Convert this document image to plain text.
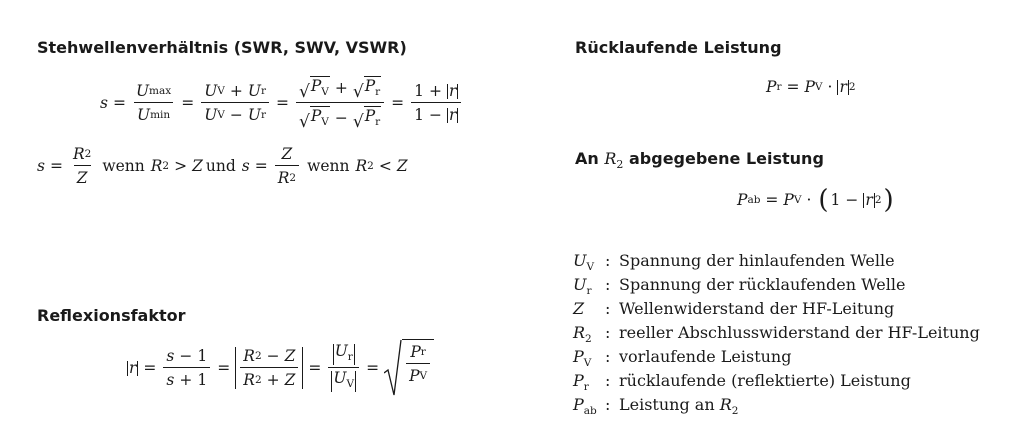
Stehwellenverhältnis (SWR, SWV, VSWR)
$s = \frac{\text{U max}}{\text{U min}} = \frac{\text{U V + U r}}{\text{U V − U r}} = \frac{√ P_V + √ P_r}{√ P_V - √ P_r} = \frac{1 + r}{1 - r}$
$s = \frac{R 2}{Z}$ wenn R 2 > Z und $s = \frac{Z}{R 2}$ wenn R 2 < Z
Reflexionsfaktor
$r = \frac{s - 1}{s + 1} = \frac{R 2 - Z}{R 2 + Z} = \frac{U_r}{U_V} = \frac{\text{P r}}{\text{P V}}$
Rücklaufende Leistung
P r = P V · r 2
An $R_2$ abgegebene Leistung
P ab = P V · ( 1 − r 2 )
$U_V$ : Spannung der hinlaufenden Welle
$U_r$ : Spannung der rücklaufenden Welle
Z	: Wellenwiderstand der HF-Leitung
$R_2$ : reeller Abschlusswiderstand der HF-Leitung
$P_V$ : vorlaufende Leistung
$P_r$	: rücklaufende (reflektierte) Leistung
$P_{ab}$ : Leistung an $R_2$
